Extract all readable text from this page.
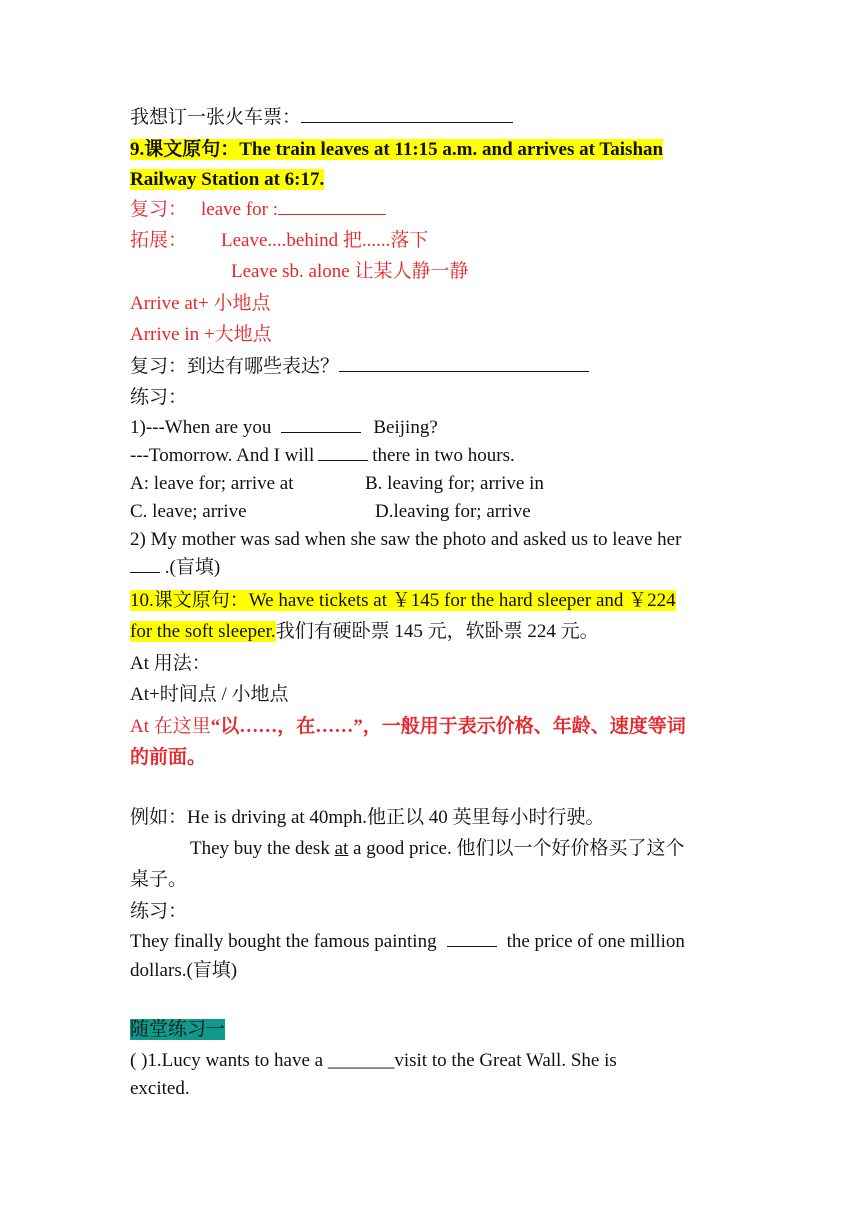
我想订一张火车票：
9.课文原句：The train leaves at 11:15 a.m. and arrives at Taishan
Railway Station at 6:17.
复习： leave for :
拓展： Leave....behind 把......落下
Leave sb. alone 让某人静一静
Arrive at+ 小地点
Arrive in +大地点
复习：到达有哪些表达？
练习：
1)---When are you	Beijing?
---Tomorrow. And I will	there in two hours.
A: leave for; arrive at	B. leaving for; arrive in
C. leave; arrive	D.leaving for; arrive
2) My mother was sad when she saw the photo and asked us to leave her
.(盲填)
10.课文原句：We have tickets at ￥145 for the hard sleeper and ￥224
for the soft sleeper.我们有硬卧票 145 元，软卧票 224 元。
At 用法：
At+时间点 / 小地点
At 在这里“以……，在……”，一般用于表示价格、年龄、速度等词
的前面。
例如：He is driving at 40mph.他正以 40 英里每小时行驶。
They buy the desk at a good price. 他们以一个好价格买了这个
桌子。
练习：
They finally bought the famous painting	the price of one million
dollars.(盲填)
随堂练习一
( )1.Lucy wants to have a _______visit to the Great Wall. She is
excited.
